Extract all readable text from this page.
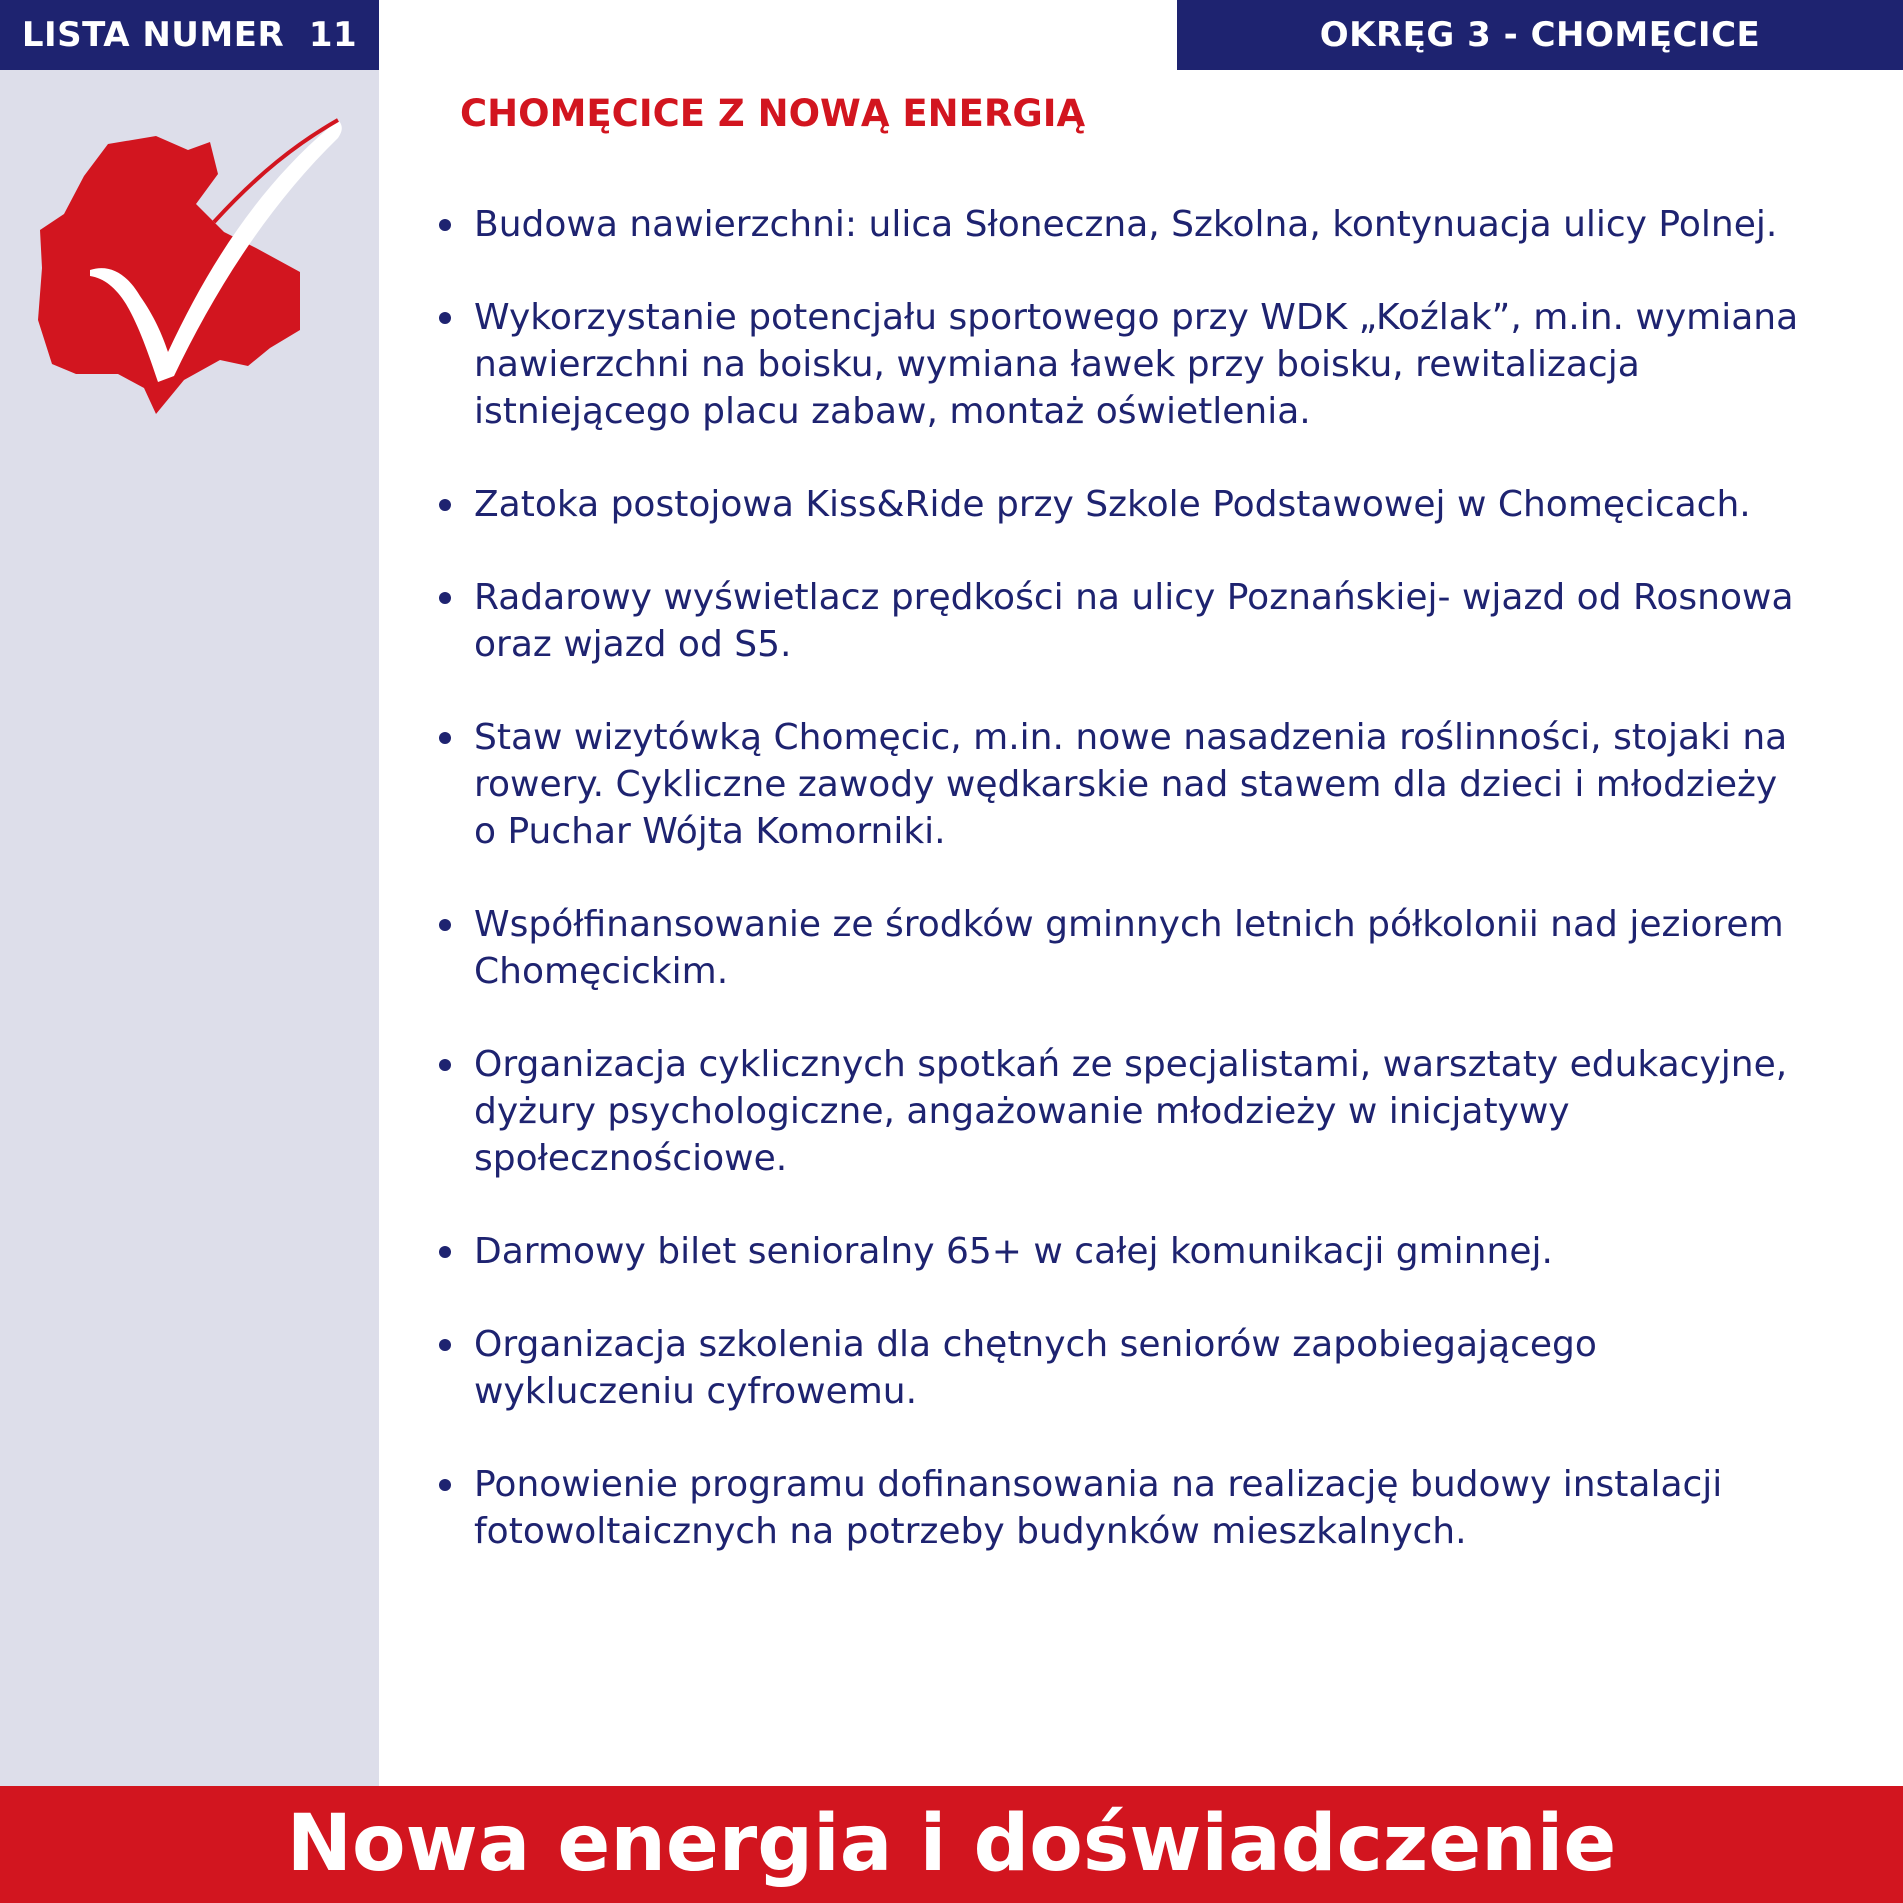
LISTA NUMER  11	OKRĘG 3 - CHOMĘCICE
CHOMĘCICE Z NOWĄ ENERGIĄ
Budowa nawierzchni: ulica Słoneczna, Szkolna, kontynuacja ulicy Polnej.
Wykorzystanie potencjału sportowego przy WDK „Koźlak”, m.in. wymiana nawierzchni na boisku, wymiana ławek przy boisku, rewitalizacja istniejącego placu zabaw, montaż oświetlenia.
Zatoka postojowa Kiss&Ride przy Szkole Podstawowej w Chomęcicach.
Radarowy wyświetlacz prędkości na ulicy Poznańskiej- wjazd od Rosnowa oraz wjazd od S5.
Staw wizytówką Chomęcic, m.in. nowe nasadzenia roślinności, stojaki na rowery. Cykliczne zawody wędkarskie nad stawem dla dzieci i młodzieży o Puchar Wójta Komorniki.
Współfinansowanie ze środków gminnych letnich półkolonii nad jeziorem Chomęcickim.
Organizacja cyklicznych spotkań ze specjalistami, warsztaty edukacyjne, dyżury psychologiczne, angażowanie młodzieży w inicjatywy społecznościowe.
Darmowy bilet senioralny 65+ w całej komunikacji gminnej.
Organizacja szkolenia dla chętnych seniorów zapobiegającego wykluczeniu cyfrowemu.
Ponowienie programu dofinansowania na realizację budowy instalacji fotowoltaicznych na potrzeby budynków mieszkalnych.
Nowa energia i doświadczenie
